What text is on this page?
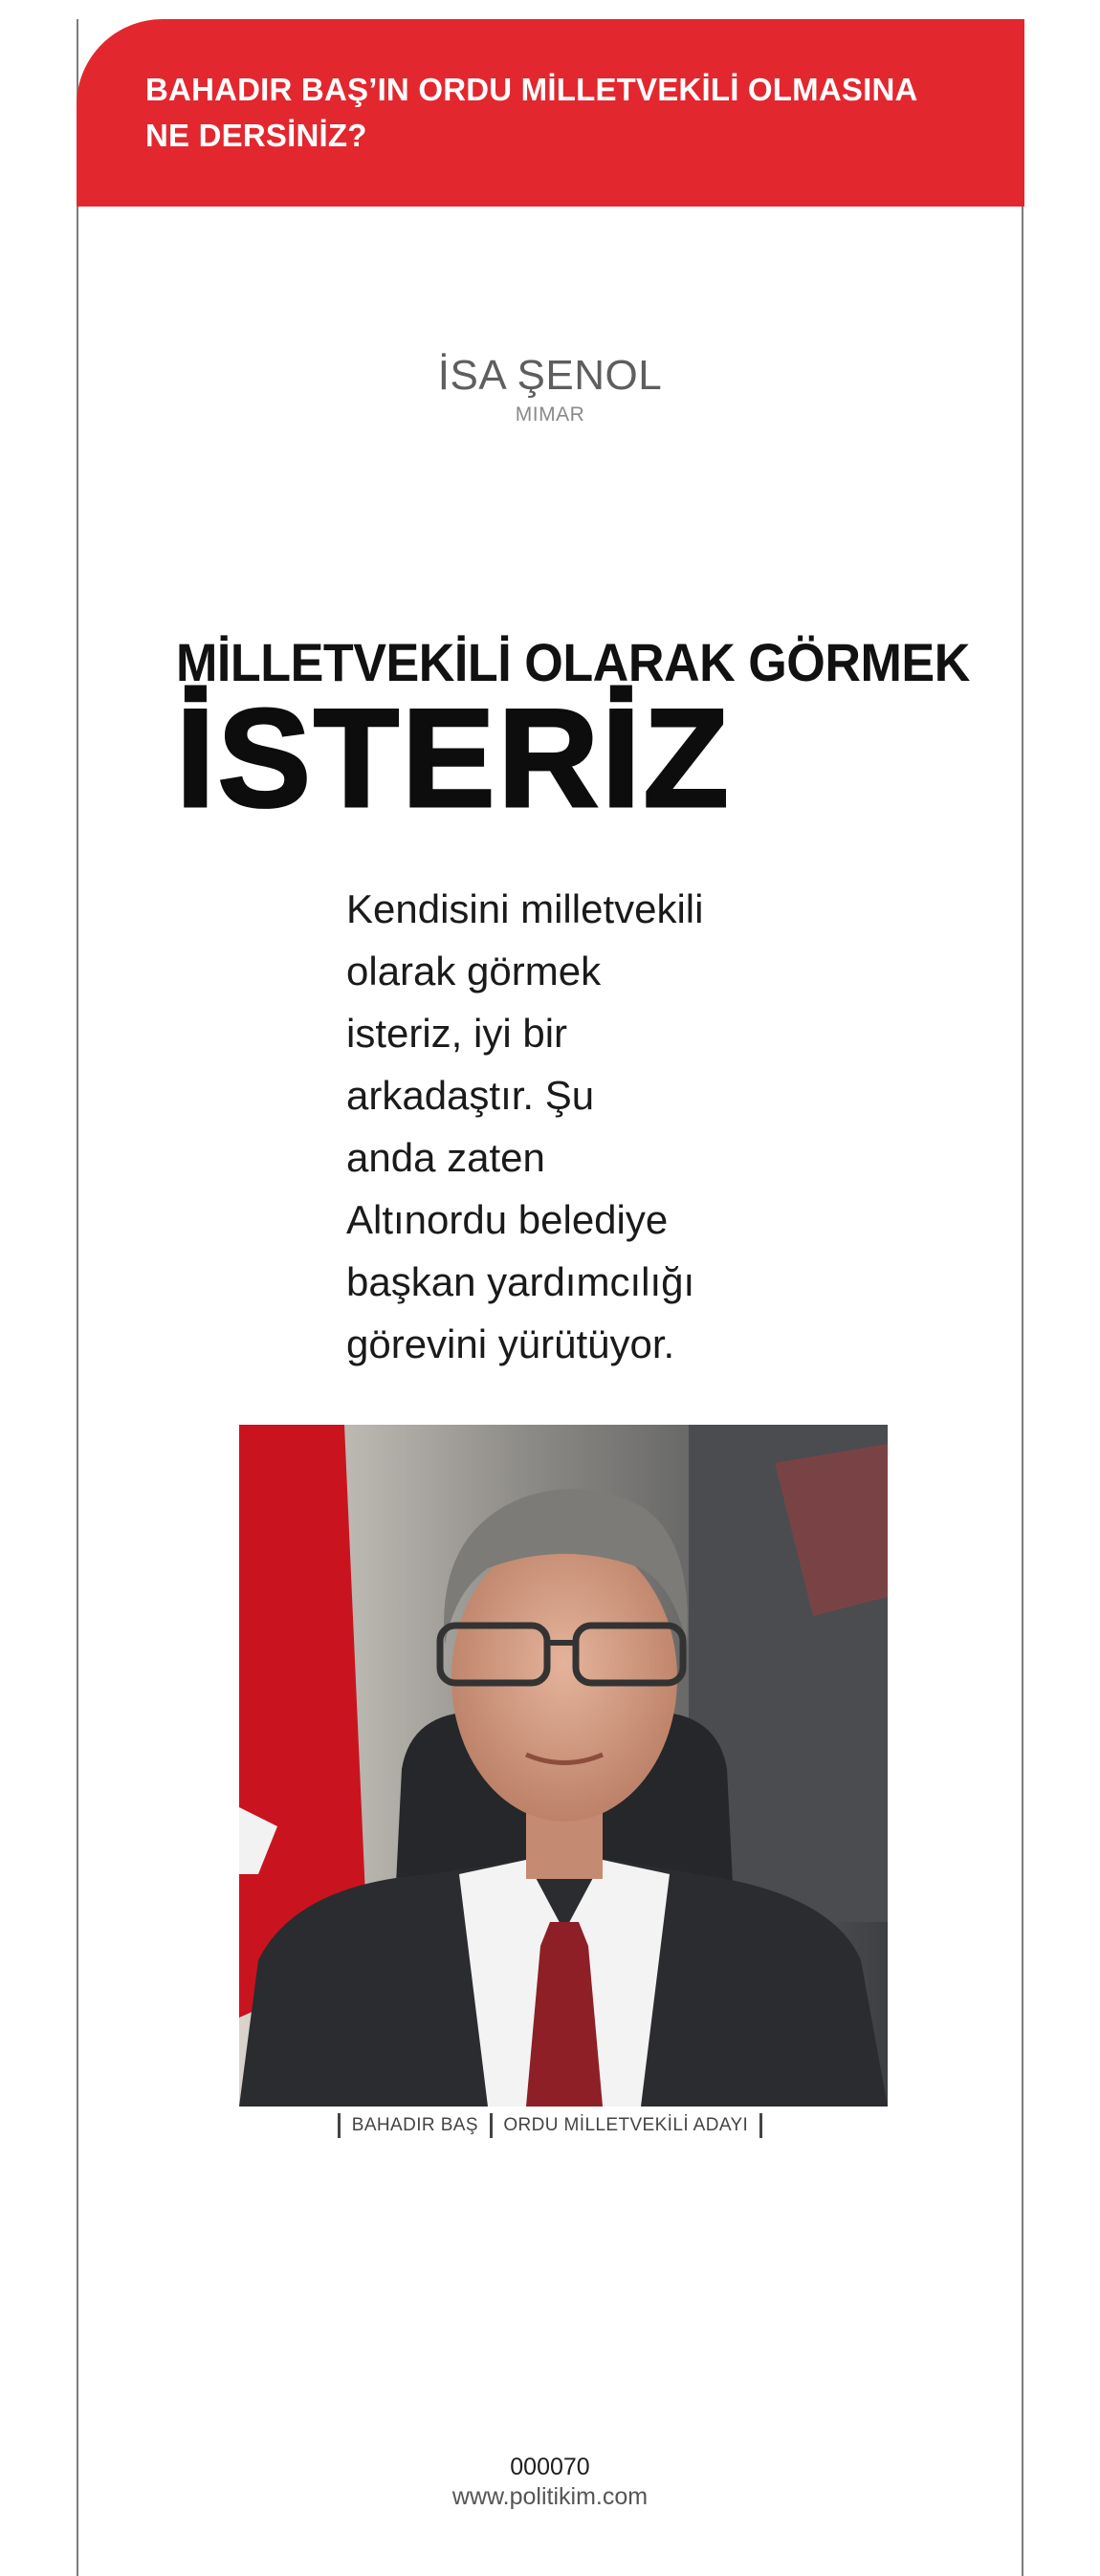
BAHADIR BAŞ’IN ORDU MİLLETVEKİLİ OLMASINA
NE DERSİNİZ?
İSA ŞENOL
MIMAR
MİLLETVEKİLİ OLARAK GÖRMEK
İSTERİZ
Kendisini milletvekili
olarak görmek
isteriz, iyi bir
arkadaştır. Şu
anda zaten
Altınordu belediye
başkan yardımcılığı
görevini yürütüyor.
BAHADIR BAŞ ORDU MİLLETVEKİLİ ADAYI
000070
www.politikim.com
